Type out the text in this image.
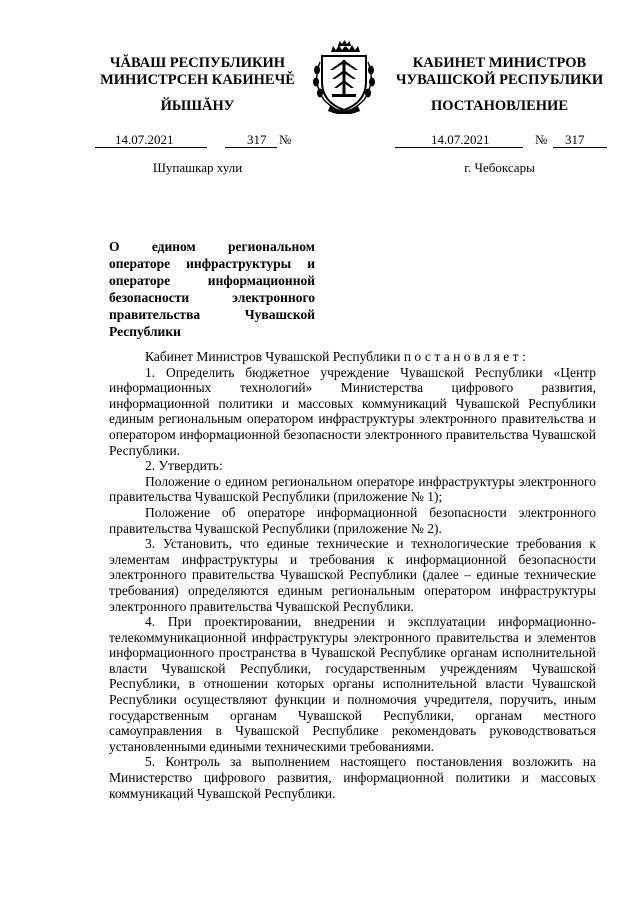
ЧĂВАШ РЕСПУБЛИКИН
МИНИСТРСЕН КАБИНЕЧĚ
ЙЫШĂНУ
КАБИНЕТ МИНИСТРОВ
ЧУВАШСКОЙ РЕСПУБЛИКИ
ПОСТАНОВЛЕНИЕ
14.07.2021	317 №	14.07.2021	№ 317
Шупашкар хули	г. Чебоксары
О едином региональном операторе инфраструктуры и операторе информационной безопасности электронного правительства Чувашской Республики

Кабинет Министров Чувашской Республики постановляет:

1. Определить бюджетное учреждение Чувашской Республики «Центр информационных технологий» Министерства цифрового развития, информационной политики и массовых коммуникаций Чувашской Республики единым региональным оператором инфраструктуры электронного правительства и оператором информационной безопасности электронного правительства Чувашской Республики.

2. Утвердить:

Положение о едином региональном операторе инфраструктуры электронного правительства Чувашской Республики (приложение № 1);

Положение об операторе информационной безопасности электронного правительства Чувашской Республики (приложение № 2).

3. Установить, что единые технические и технологические требования к элементам инфраструктуры и требования к информационной безопасности электронного правительства Чувашской Республики (далее – единые технические требования) определяются единым региональным оператором инфраструктуры электронного правительства Чувашской Республики.

4. При проектировании, внедрении и эксплуатации информационно-телекоммуникационной инфраструктуры электронного правительства и элементов информационного пространства в Чувашской Республике органам исполнительной власти Чувашской Республики, государственным учреждениям Чувашской Республики, в отношении которых органы исполнительной власти Чувашской Республики осуществляют функции и полномочия учредителя, поручить, иным государственным органам Чувашской Республики, органам местного самоуправления в Чувашской Республике рекомендовать руководствоваться установленными едиными техническими требованиями.

5. Контроль за выполнением настоящего постановления возложить на Министерство цифрового развития, информационной политики и массовых коммуникаций Чувашской Республики.
